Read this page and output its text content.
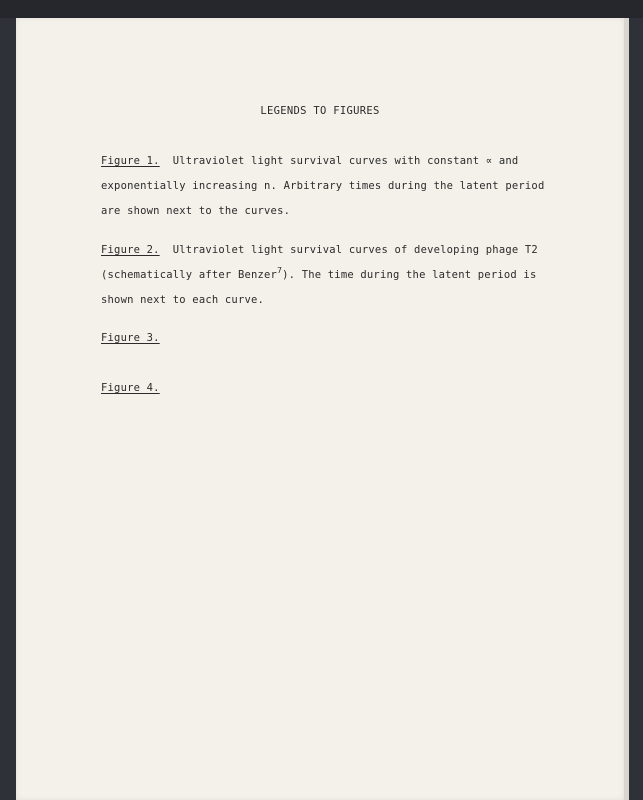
LEGENDS TO FIGURES
Figure 1. Ultraviolet light survival curves with constant ∝ and exponentially increasing n. Arbitrary times during the latent period are shown next to the curves.
Figure 2. Ultraviolet light survival curves of developing phage T2 (schematically after Benzer$^7$). The time during the latent period is shown next to each curve.
Figure 3.
Figure 4.
